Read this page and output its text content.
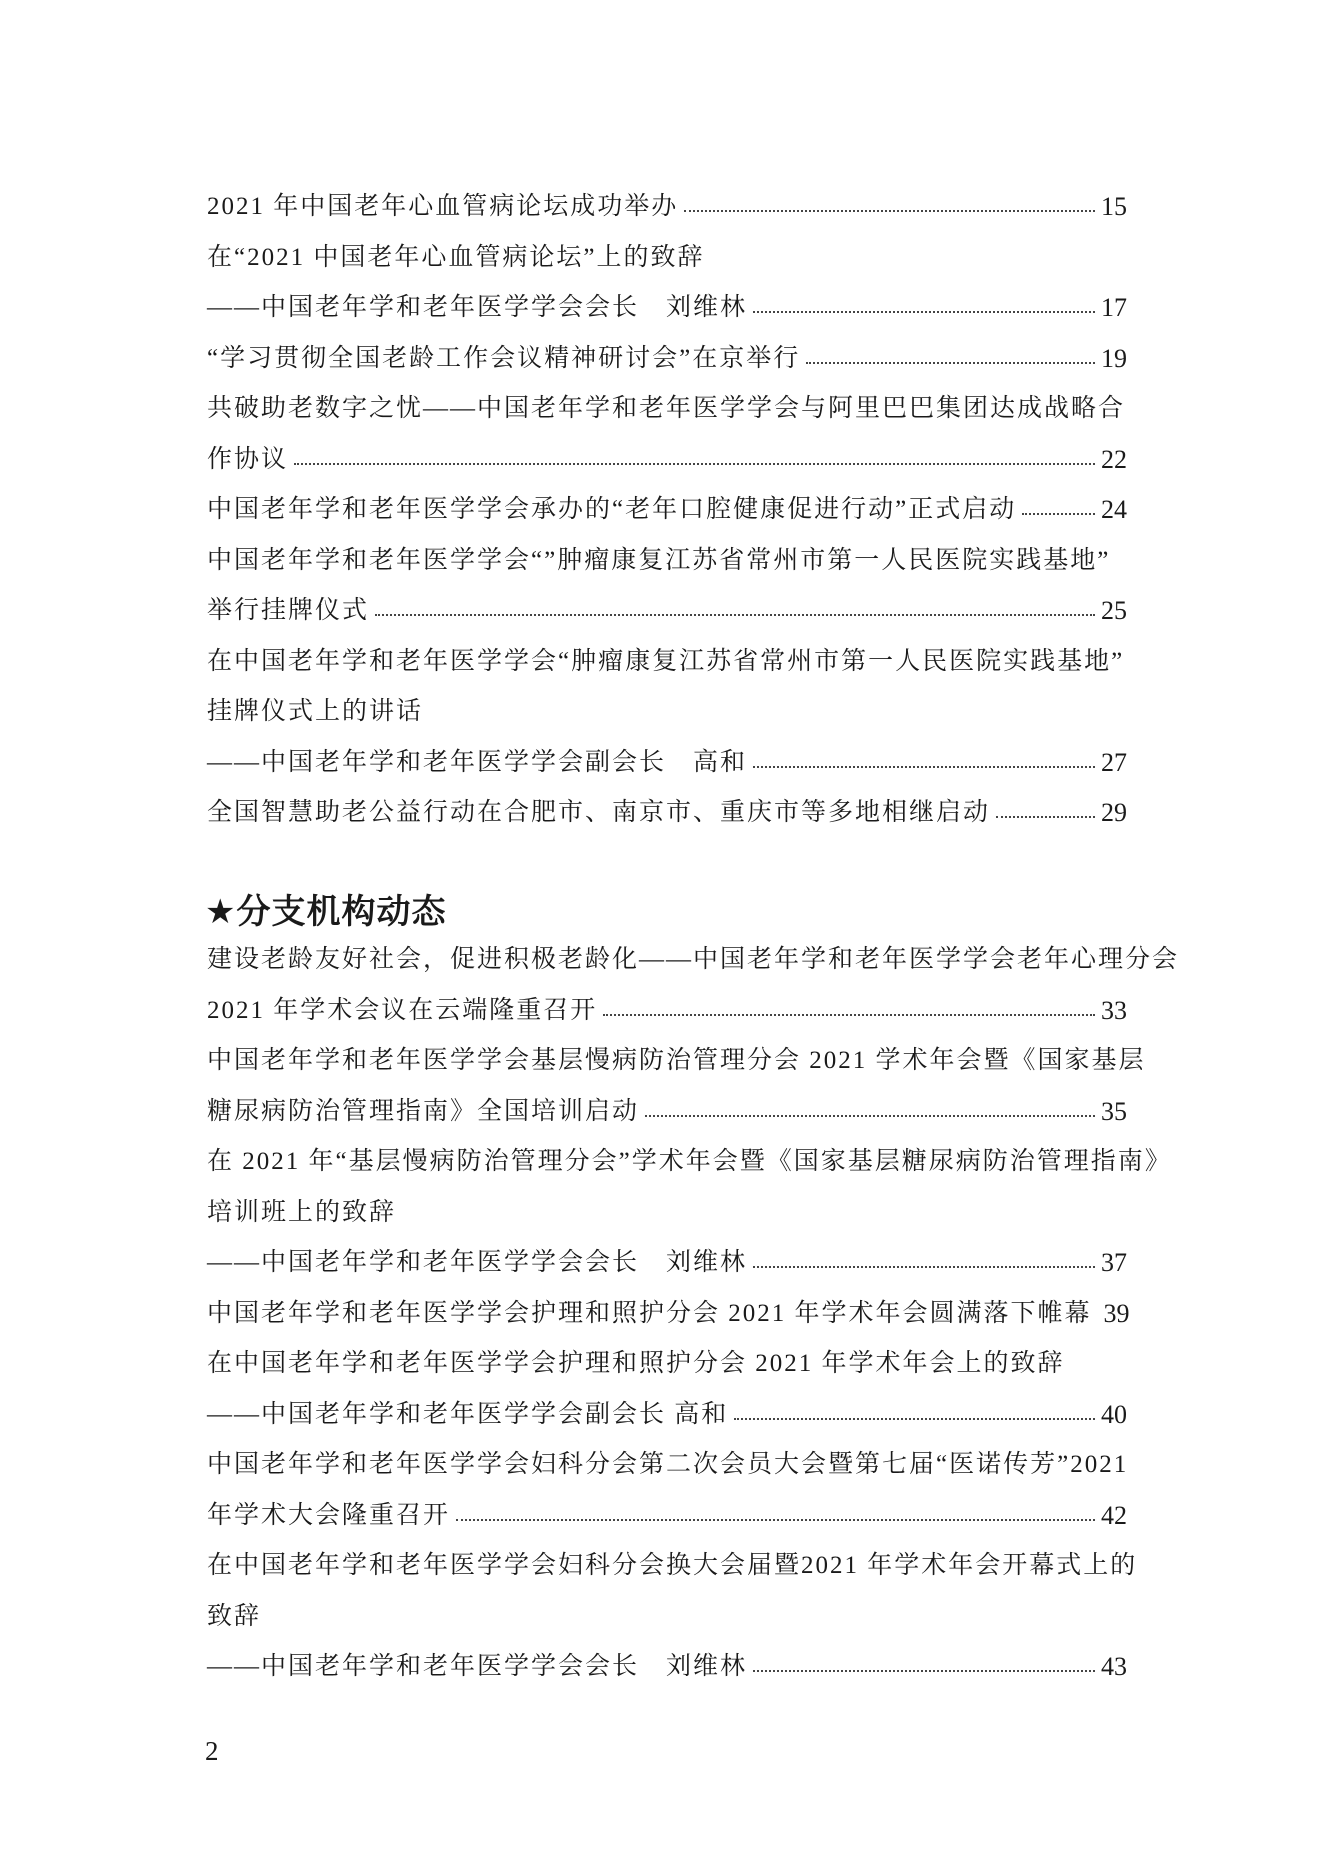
2021 年中国老年心血管病论坛成功举办	15
在“2021 中国老年心血管病论坛”上的致辞
——中国老年学和老年医学学会会长　刘维林	17
“学习贯彻全国老龄工作会议精神研讨会”在京举行	19
共破助老数字之忧——中国老年学和老年医学学会与阿里巴巴集团达成战略合
作协议	22
中国老年学和老年医学学会承办的“老年口腔健康促进行动”正式启动	24
中国老年学和老年医学学会“”肿瘤康复江苏省常州市第一人民医院实践基地”
举行挂牌仪式	25
在中国老年学和老年医学学会“肿瘤康复江苏省常州市第一人民医院实践基地”
挂牌仪式上的讲话
——中国老年学和老年医学学会副会长　高和	27
全国智慧助老公益行动在合肥市、南京市、重庆市等多地相继启动	29
★分支机构动态
建设老龄友好社会，促进积极老龄化——中国老年学和老年医学学会老年心理分会
2021 年学术会议在云端隆重召开	33
中国老年学和老年医学学会基层慢病防治管理分会 2021 学术年会暨《国家基层
糖尿病防治管理指南》全国培训启动	35
在 2021 年“基层慢病防治管理分会”学术年会暨《国家基层糖尿病防治管理指南》
培训班上的致辞
——中国老年学和老年医学学会会长　刘维林	37
中国老年学和老年医学学会护理和照护分会 2021 年学术年会圆满落下帷幕 39
在中国老年学和老年医学学会护理和照护分会 2021 年学术年会上的致辞
——中国老年学和老年医学学会副会长 高和	40
中国老年学和老年医学学会妇科分会第二次会员大会暨第七届“医诺传芳”2021
年学术大会隆重召开	42
在中国老年学和老年医学学会妇科分会换大会届暨2021 年学术年会开幕式上的
致辞
——中国老年学和老年医学学会会长　刘维林	43
2
